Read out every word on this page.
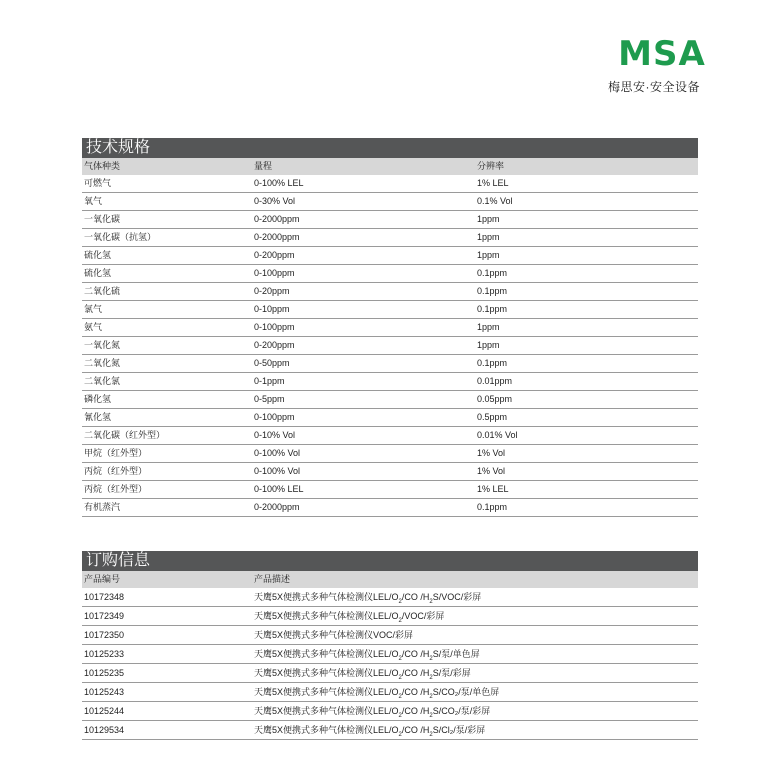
MSA
梅思安·安全设备
技术规格
气体种类	量程	分辨率
可燃气	0-100% LEL	1% LEL
氧气	0-30% Vol	0.1% Vol
一氧化碳	0-2000ppm	1ppm
一氧化碳（抗氢）	0-2000ppm	1ppm
硫化氢	0-200ppm	1ppm
硫化氢	0-100ppm	0.1ppm
二氧化硫	0-20ppm	0.1ppm
氯气	0-10ppm	0.1ppm
氨气	0-100ppm	1ppm
一氧化氮	0-200ppm	1ppm
二氧化氮	0-50ppm	0.1ppm
二氧化氯	0-1ppm	0.01ppm
磷化氢	0-5ppm	0.05ppm
氰化氢	0-100ppm	0.5ppm
二氧化碳（红外型）	0-10% Vol	0.01% Vol
甲烷（红外型）	0-100% Vol	1% Vol
丙烷（红外型）	0-100% Vol	1% Vol
丙烷（红外型）	0-100% LEL	1% LEL
有机蒸汽	0-2000ppm	0.1ppm
订购信息
产品编号	产品描述
10172348	天鹰5X便携式多种气体检测仪LEL/$O_2/CO$ $/H_2S/VOC/$彩屏
10172349	天鹰5X便携式多种气体检测仪LEL/$O_2/VOC/$彩屏
10172350	天鹰5X便携式多种气体检测仪VOC/彩屏
10125233	天鹰5X便携式多种气体检测仪LEL/$O_2/CO$ $/H_2S/$泵/单色屏
10125235	天鹰5X便携式多种气体检测仪LEL/$O_2/CO$ $/H_2S/$泵/彩屏
10125243	天鹰5X便携式多种气体检测仪LEL/$O_2/CO$ $/H_2S/CO_2/$泵/单色屏
10125244	天鹰5X便携式多种气体检测仪LEL/$O_2/CO$ $/H_2S/CO_2/$泵/彩屏
10129534	天鹰5X便携式多种气体检测仪LEL/$O_2/CO$ $/H_2S/Cl_2/$泵/彩屏
